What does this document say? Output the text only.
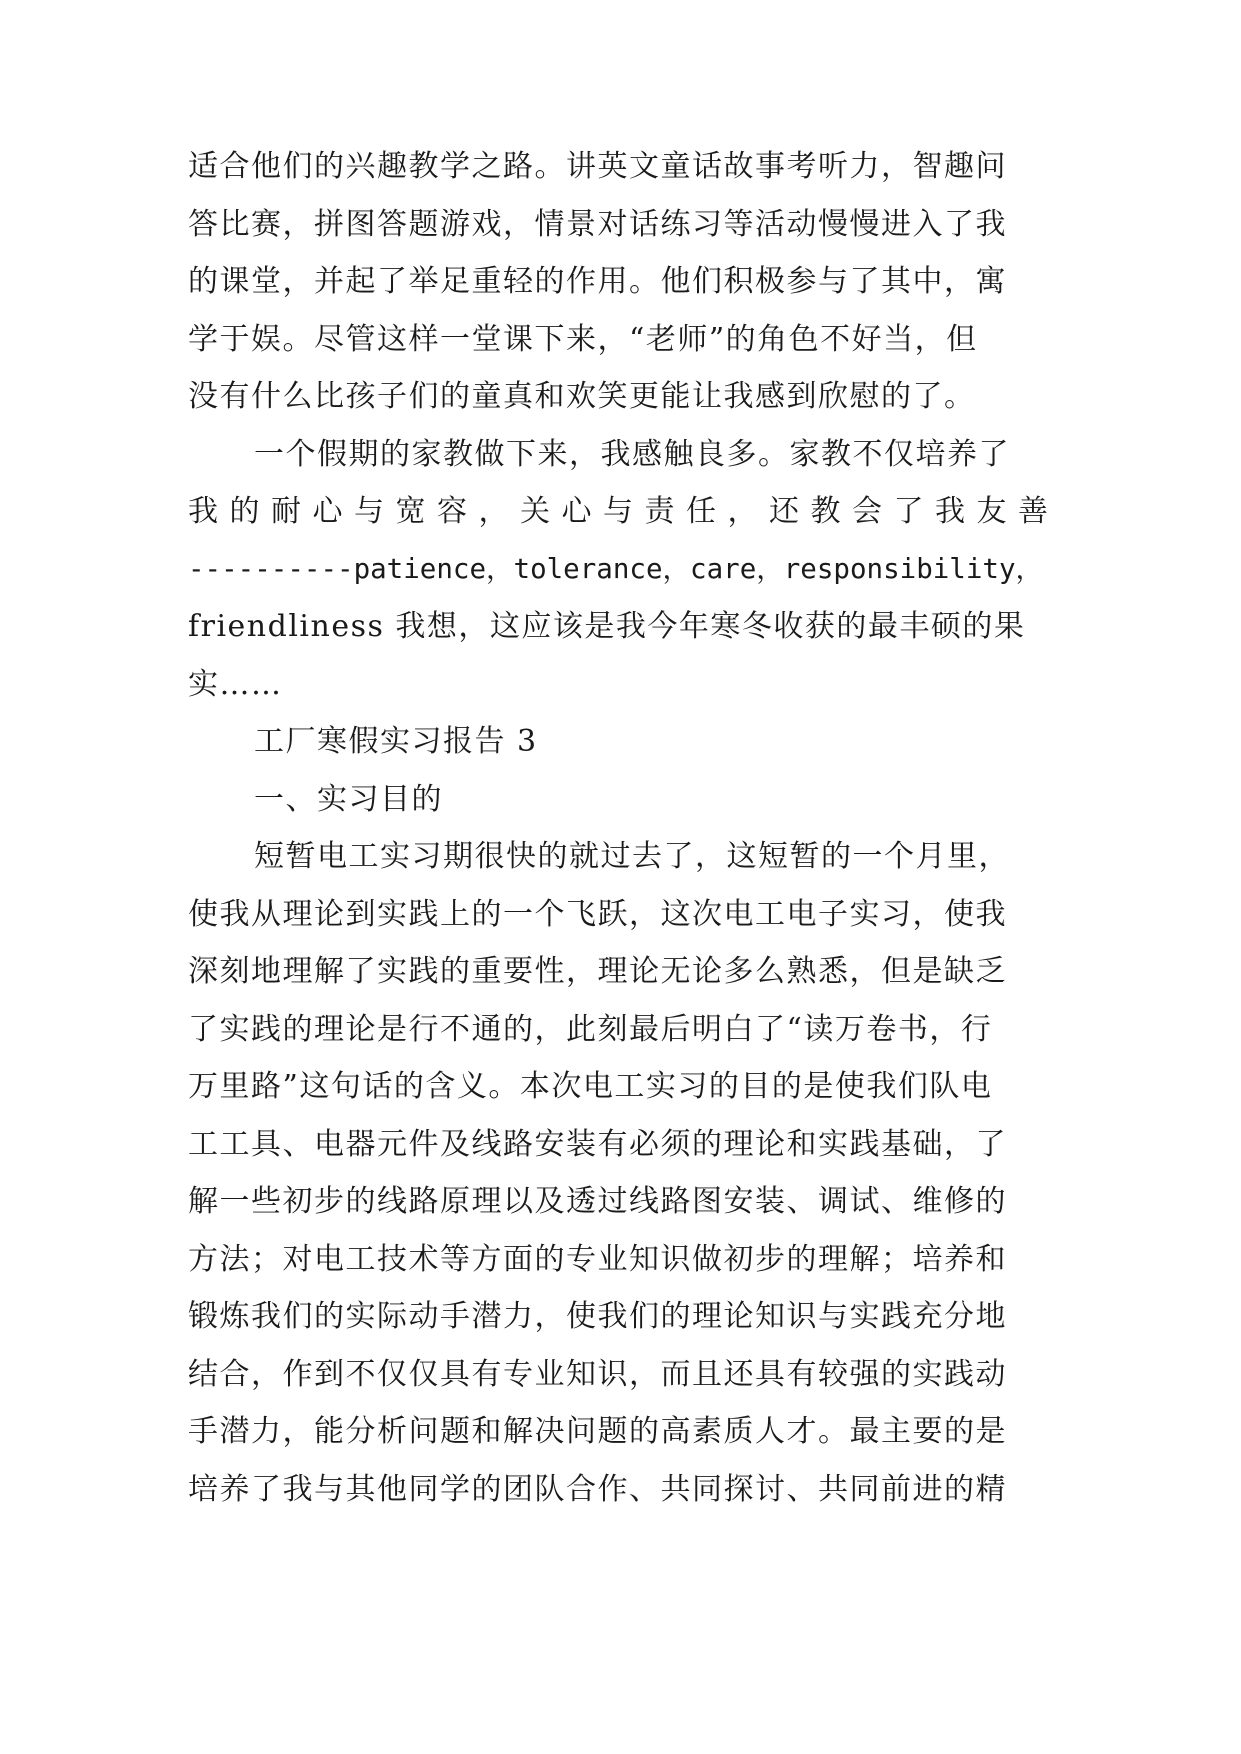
适合他们的兴趣教学之路。讲英文童话故事考听力，智趣问
答比赛，拼图答题游戏，情景对话练习等活动慢慢进入了我
的课堂，并起了举足重轻的作用。他们积极参与了其中，寓
学于娱。尽管这样一堂课下来，“老师”的角色不好当，但
没有什么比孩子们的童真和欢笑更能让我感到欣慰的了。
一个假期的家教做下来，我感触良多。家教不仅培养了
我的耐心与宽容，关心与责任，还教会了我友善
----------patience，tolerance，care，responsibility，
friendliness 我想，这应该是我今年寒冬收获的最丰硕的果
实……
工厂寒假实习报告 3
一、实习目的
短暂电工实习期很快的就过去了，这短暂的一个月里，
使我从理论到实践上的一个飞跃，这次电工电子实习，使我
深刻地理解了实践的重要性，理论无论多么熟悉，但是缺乏
了实践的理论是行不通的，此刻最后明白了“读万卷书，行
万里路”这句话的含义。本次电工实习的目的是使我们队电
工工具、电器元件及线路安装有必须的理论和实践基础，了
解一些初步的线路原理以及透过线路图安装、调试、维修的
方法；对电工技术等方面的专业知识做初步的理解；培养和
锻炼我们的实际动手潜力，使我们的理论知识与实践充分地
结合，作到不仅仅具有专业知识，而且还具有较强的实践动
手潜力，能分析问题和解决问题的高素质人才。最主要的是
培养了我与其他同学的团队合作、共同探讨、共同前进的精
